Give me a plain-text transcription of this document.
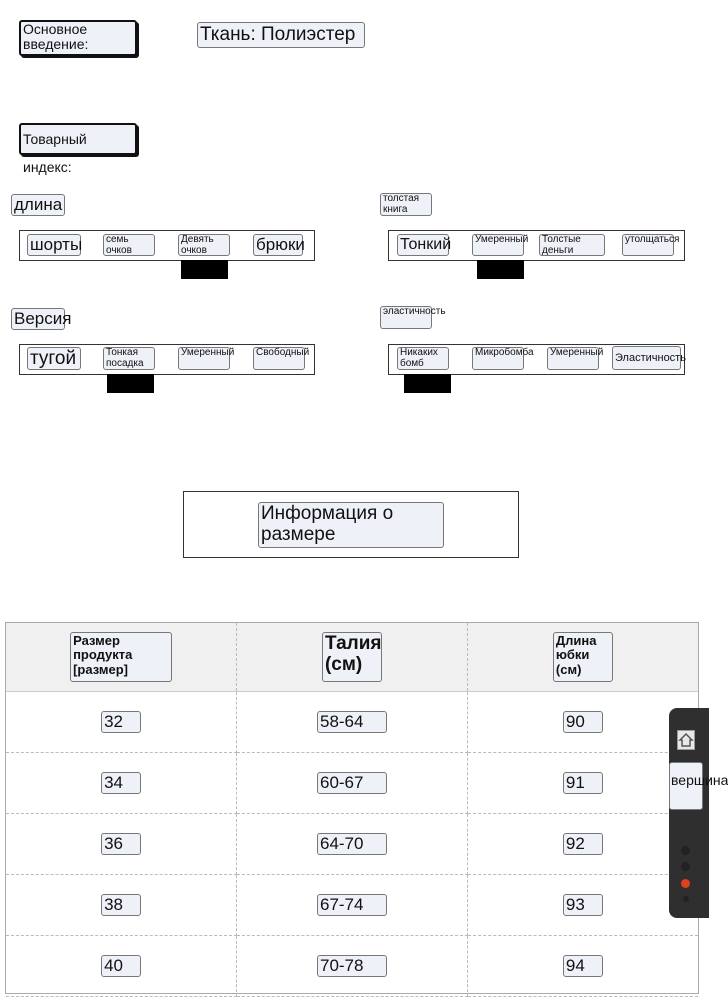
Основное введение:	Ткань: Полиэстер
Товарный индекс:
длина
шорты	семь очков
Девять очков	брюки
толстая книга
Тонкий	Умеренный	Толстые деньги
утолщаться
Версия
тугой	Тонкая посадка
Умеренный	Свободный
эластичность
Никаких бомб
Микробомба	Умеренный Эластичность
Информация о размере
Размер продукта [размер]	Талия (см)	Длина юбки (см)
32	58-64	90
34	60-67	91
36	64-70	92
38	67-74	93
40	70-78	94
вершина
